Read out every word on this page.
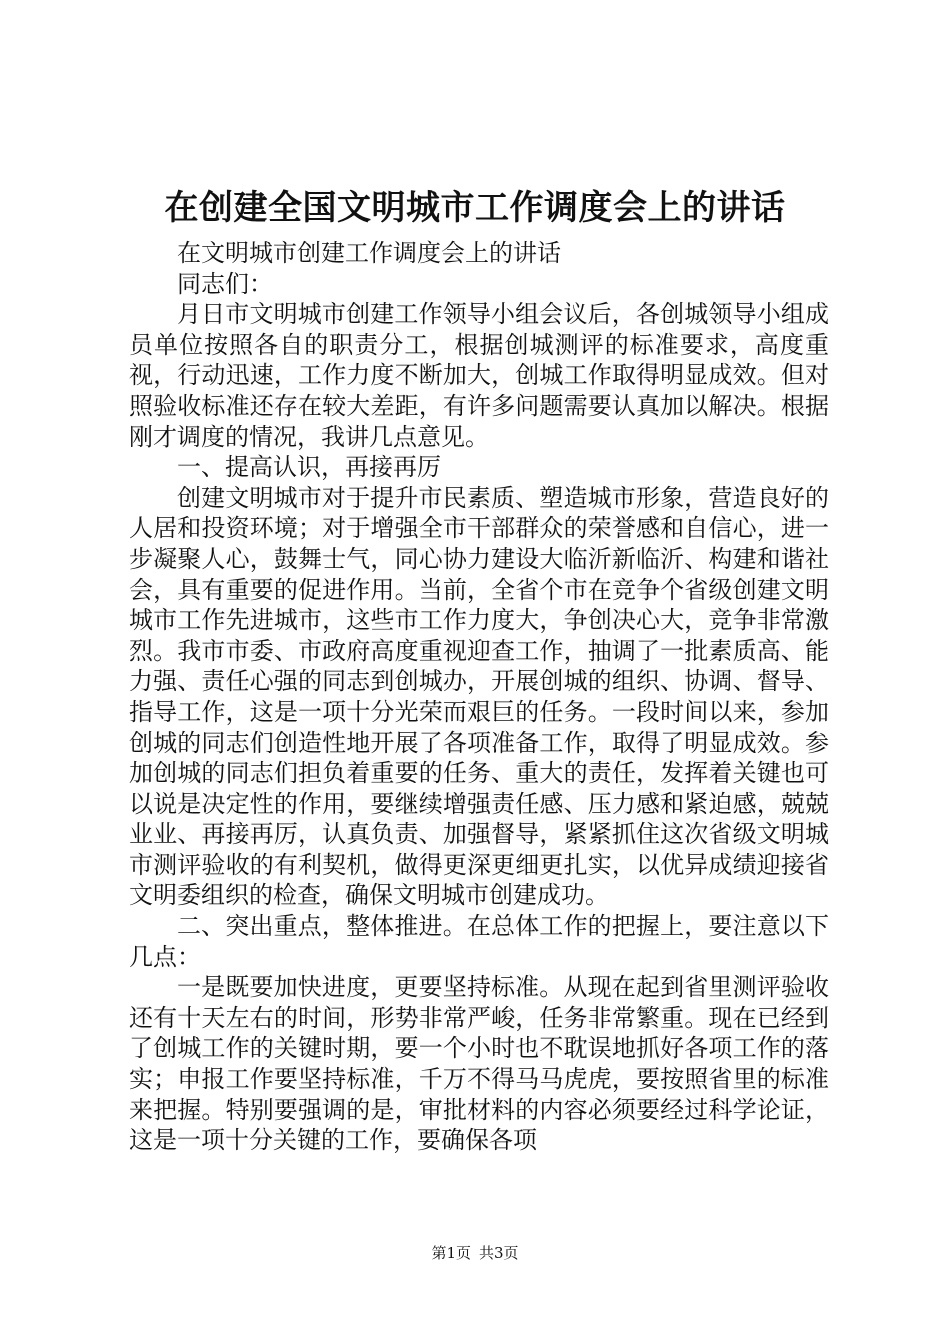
在创建全国文明城市工作调度会上的讲话

在文明城市创建工作调度会上的讲话

同志们：

月日市文明城市创建工作领导小组会议后，各创城领导小组成员单位按照各自的职责分工，根据创城测评的标准要求，高度重视，行动迅速，工作力度不断加大，创城工作取得明显成效。但对照验收标准还存在较大差距，有许多问题需要认真加以解决。根据刚才调度的情况，我讲几点意见。

一、提高认识，再接再厉

创建文明城市对于提升市民素质、塑造城市形象，营造良好的人居和投资环境；对于增强全市干部群众的荣誉感和自信心，进一步凝聚人心，鼓舞士气，同心协力建设大临沂新临沂、构建和谐社会，具有重要的促进作用。当前，全省个市在竞争个省级创建文明城市工作先进城市，这些市工作力度大，争创决心大，竞争非常激烈。我市市委、市政府高度重视迎查工作，抽调了一批素质高、能力强、责任心强的同志到创城办，开展创城的组织、协调、督导、指导工作，这是一项十分光荣而艰巨的任务。一段时间以来，参加创城的同志们创造性地开展了各项准备工作，取得了明显成效。参加创城的同志们担负着重要的任务、重大的责任，发挥着关键也可以说是决定性的作用，要继续增强责任感、压力感和紧迫感，兢兢业业、再接再厉，认真负责、加强督导，紧紧抓住这次省级文明城市测评验收的有利契机，做得更深更细更扎实，以优异成绩迎接省文明委组织的检查，确保文明城市创建成功。

二、突出重点，整体推进。在总体工作的把握上，要注意以下几点：

一是既要加快进度，更要坚持标准。从现在起到省里测评验收还有十天左右的时间，形势非常严峻，任务非常繁重。现在已经到了创城工作的关键时期，要一个小时也不耽误地抓好各项工作的落实；申报工作要坚持标准，千万不得马马虎虎，要按照省里的标准来把握。特别要强调的是，审批材料的内容必须要经过科学论证，这是一项十分关键的工作，要确保各项

第1页 共3页
